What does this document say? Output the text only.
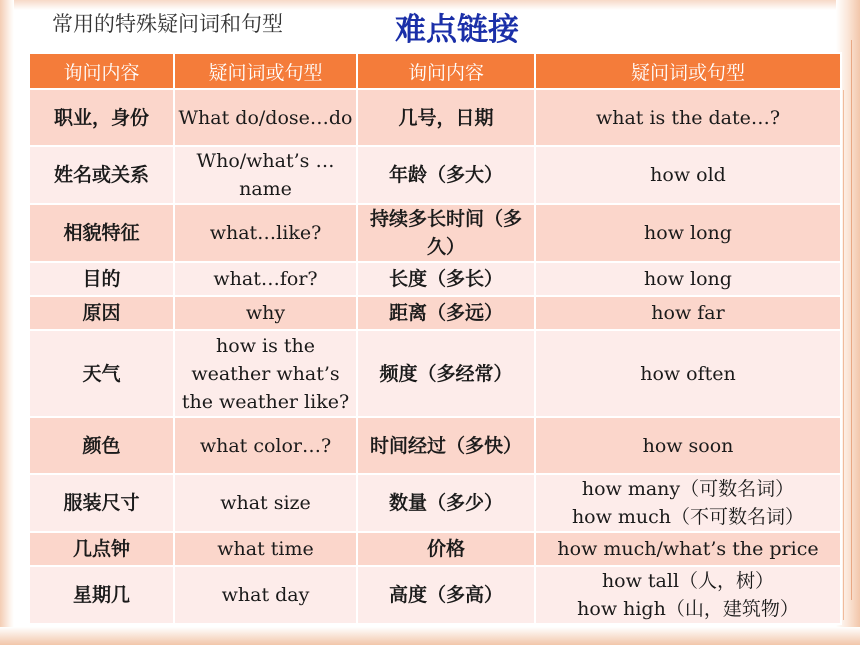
常用的特殊疑问词和句型	难点链接
询问内容	疑问词或句型	询问内容	疑问词或句型
职业，身份	What do/dose…do	几号，日期	what is the date…?
姓名或关系	Who/what’s …name	年龄（多大）	how old
相貌特征	what…like?	持续多长时间（多久）	how long
目的	what…for?	长度（多长）	how long
原因	why	距离（多远）	how far
天气	how is the weather what’s the weather like?	频度（多经常）	how often
颜色	what color…?	时间经过（多快）	how soon
服装尺寸	what size	数量（多少）	how many（可数名词）
how much（不可数名词）

几点钟	what time	价格	how much/what’s the price
星期几	what day	高度（多高）	how tall（人，树）
how high（山，建筑物）
